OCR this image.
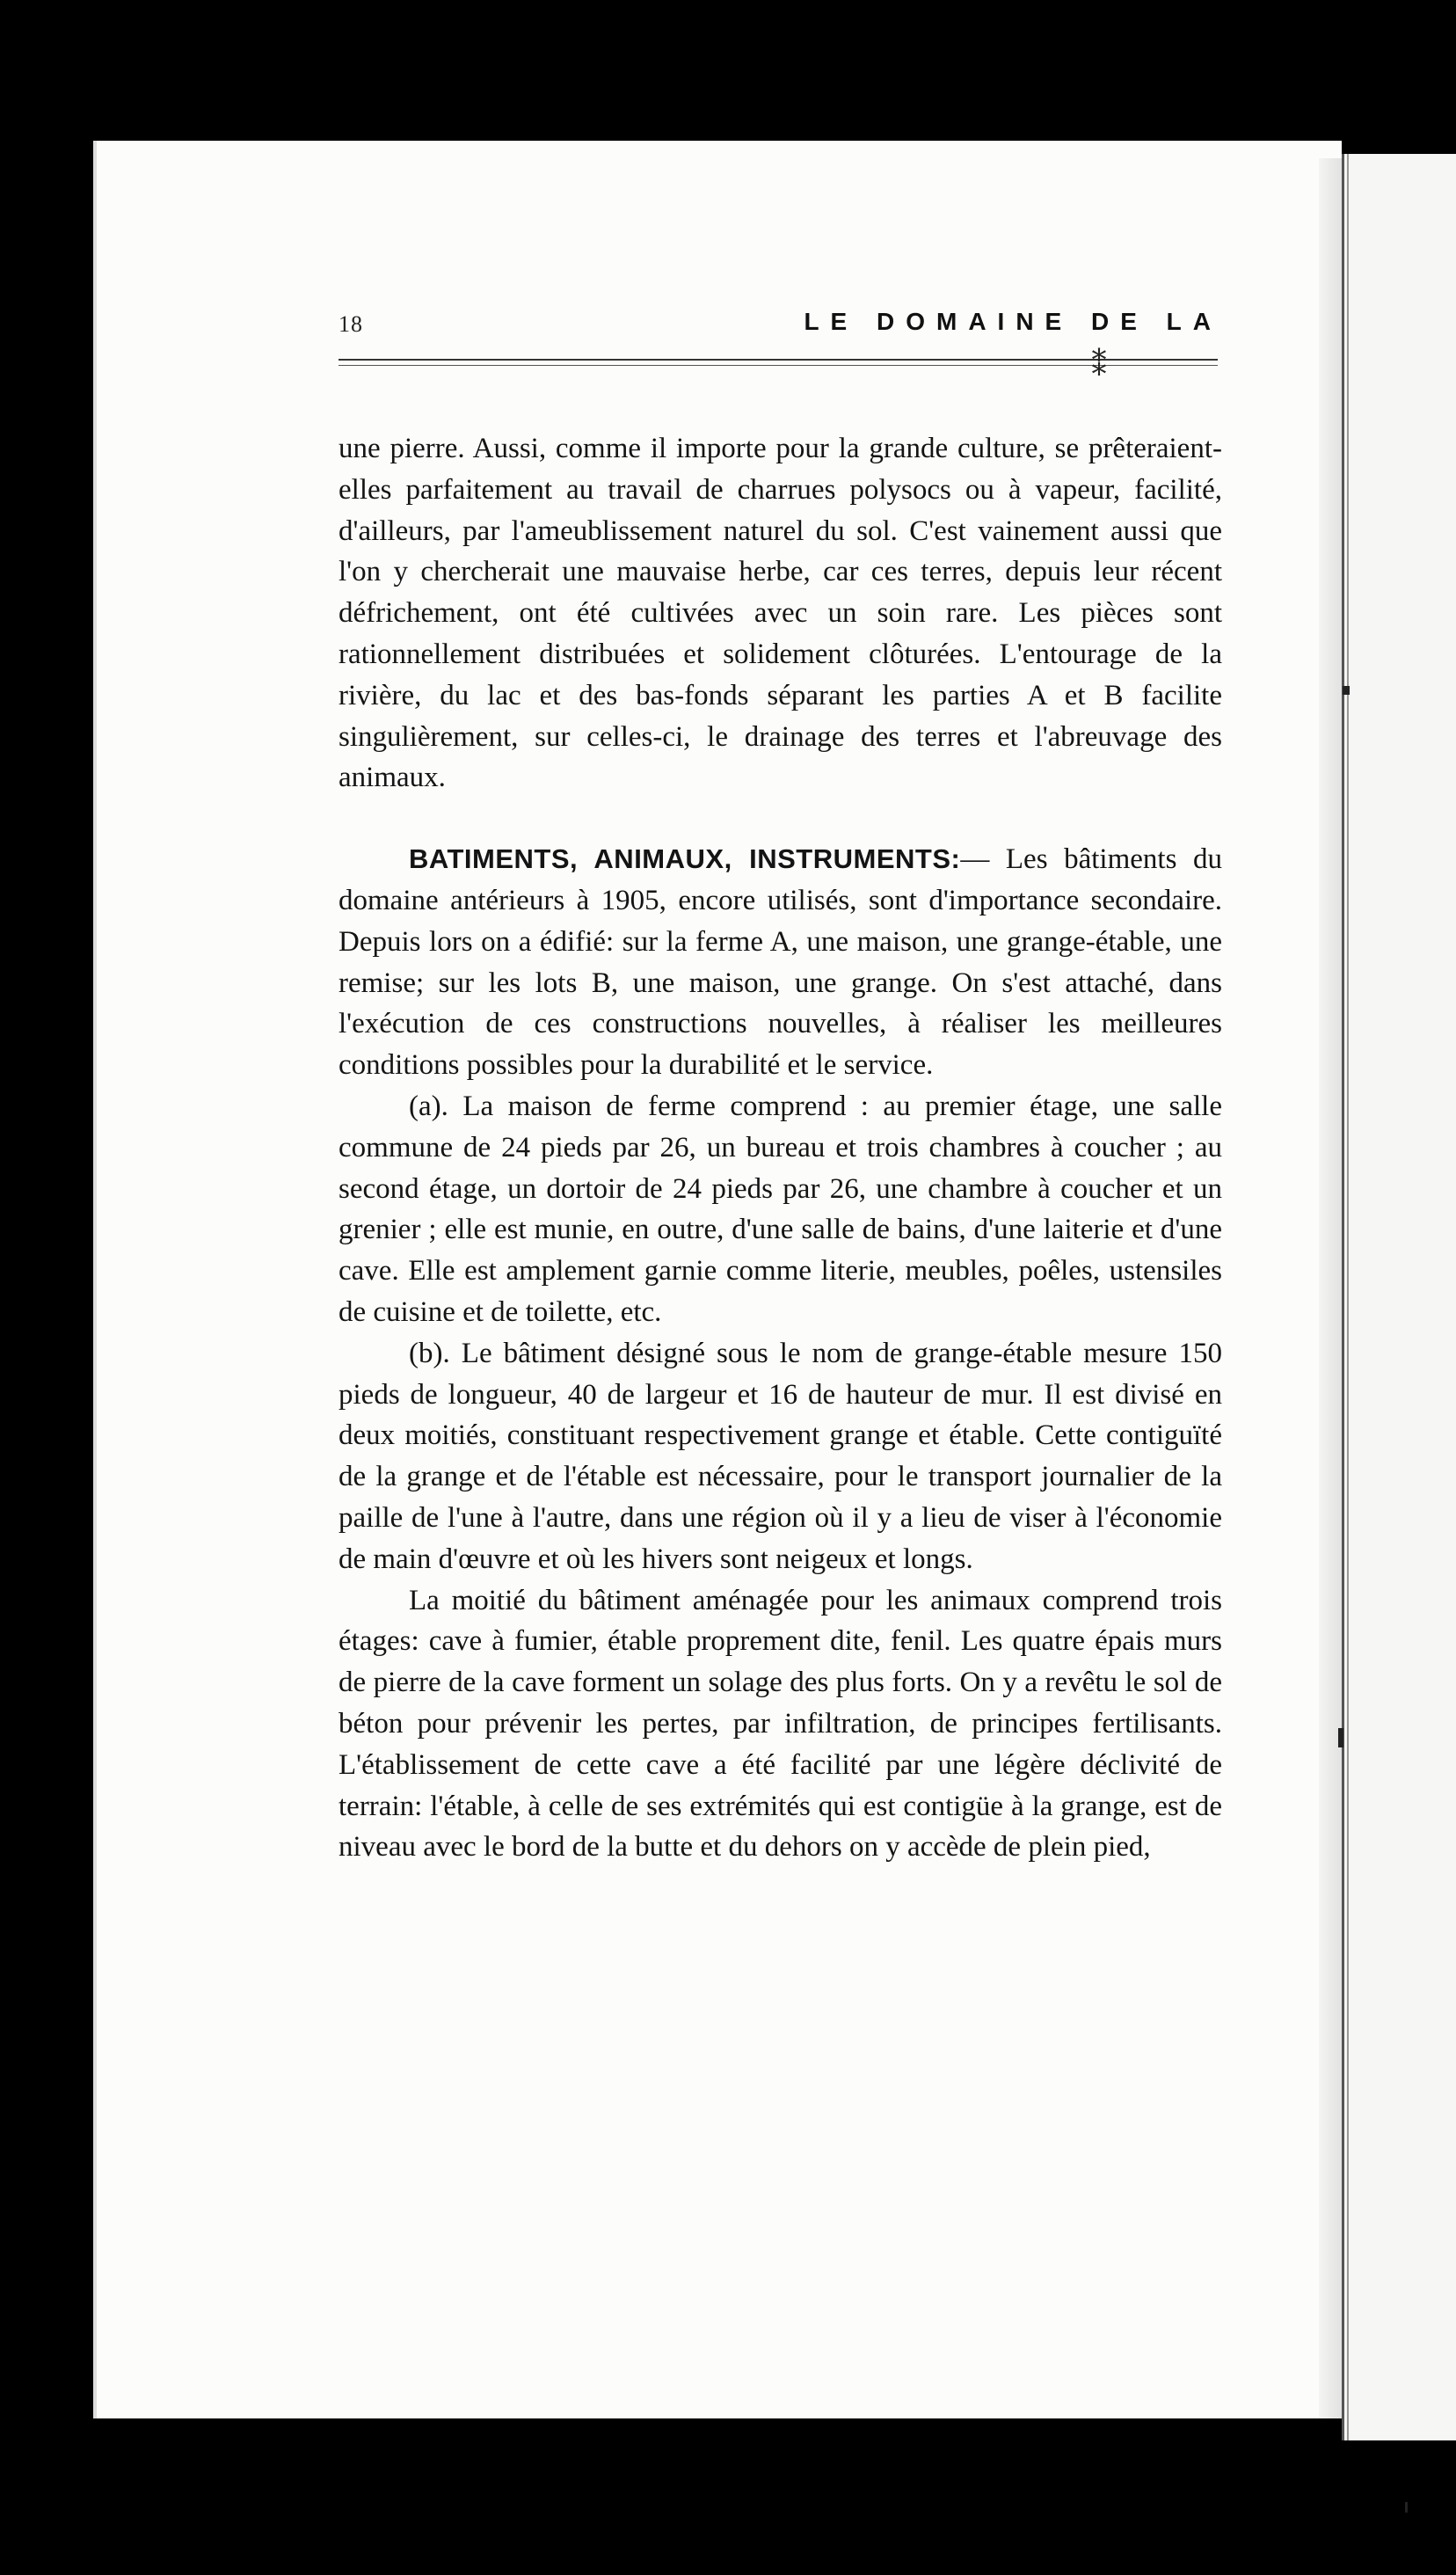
18	LE DOMAINE DE LA
⁑

une pierre. Aussi, comme il importe pour la grande culture, se prêteraient-elles parfaitement au travail de charrues polysocs ou à vapeur, facilité, d'ailleurs, par l'ameublissement naturel du sol. C'est vainement aussi que l'on y chercherait une mauvaise herbe, car ces terres, depuis leur récent défrichement, ont été cultivées avec un soin rare. Les pièces sont rationnellement distribuées et solidement clôturées. L'entourage de la rivière, du lac et des bas-fonds séparant les parties A et B facilite singulièrement, sur celles-ci, le drainage des terres et l'abreuvage des animaux.

BATIMENTS, ANIMAUX, INSTRUMENTS:— Les bâtiments du domaine antérieurs à 1905, encore utilisés, sont d'importance secondaire. Depuis lors on a édifié: sur la ferme A, une maison, une grange-étable, une remise; sur les lots B, une maison, une grange. On s'est attaché, dans l'exécution de ces constructions nouvelles, à réaliser les meilleures conditions possibles pour la durabilité et le service.

(a). La maison de ferme comprend : au premier étage, une salle commune de 24 pieds par 26, un bureau et trois chambres à coucher ; au second étage, un dortoir de 24 pieds par 26, une chambre à coucher et un grenier ; elle est munie, en outre, d'une salle de bains, d'une laiterie et d'une cave. Elle est amplement garnie comme literie, meubles, poêles, ustensiles de cuisine et de toilette, etc.

(b). Le bâtiment désigné sous le nom de grange-étable mesure 150 pieds de longueur, 40 de largeur et 16 de hauteur de mur. Il est divisé en deux moitiés, constituant respectivement grange et étable. Cette contiguïté de la grange et de l'étable est nécessaire, pour le transport journalier de la paille de l'une à l'autre, dans une région où il y a lieu de viser à l'économie de main d'œuvre et où les hivers sont neigeux et longs.

La moitié du bâtiment aménagée pour les animaux comprend trois étages: cave à fumier, étable proprement dite, fenil. Les quatre épais murs de pierre de la cave forment un solage des plus forts. On y a revêtu le sol de béton pour prévenir les pertes, par infiltration, de principes fertilisants. L'établissement de cette cave a été facilité par une légère déclivité de terrain: l'étable, à celle de ses extrémités qui est contigüe à la grange, est de niveau avec le bord de la butte et du dehors on y accède de plein pied,
